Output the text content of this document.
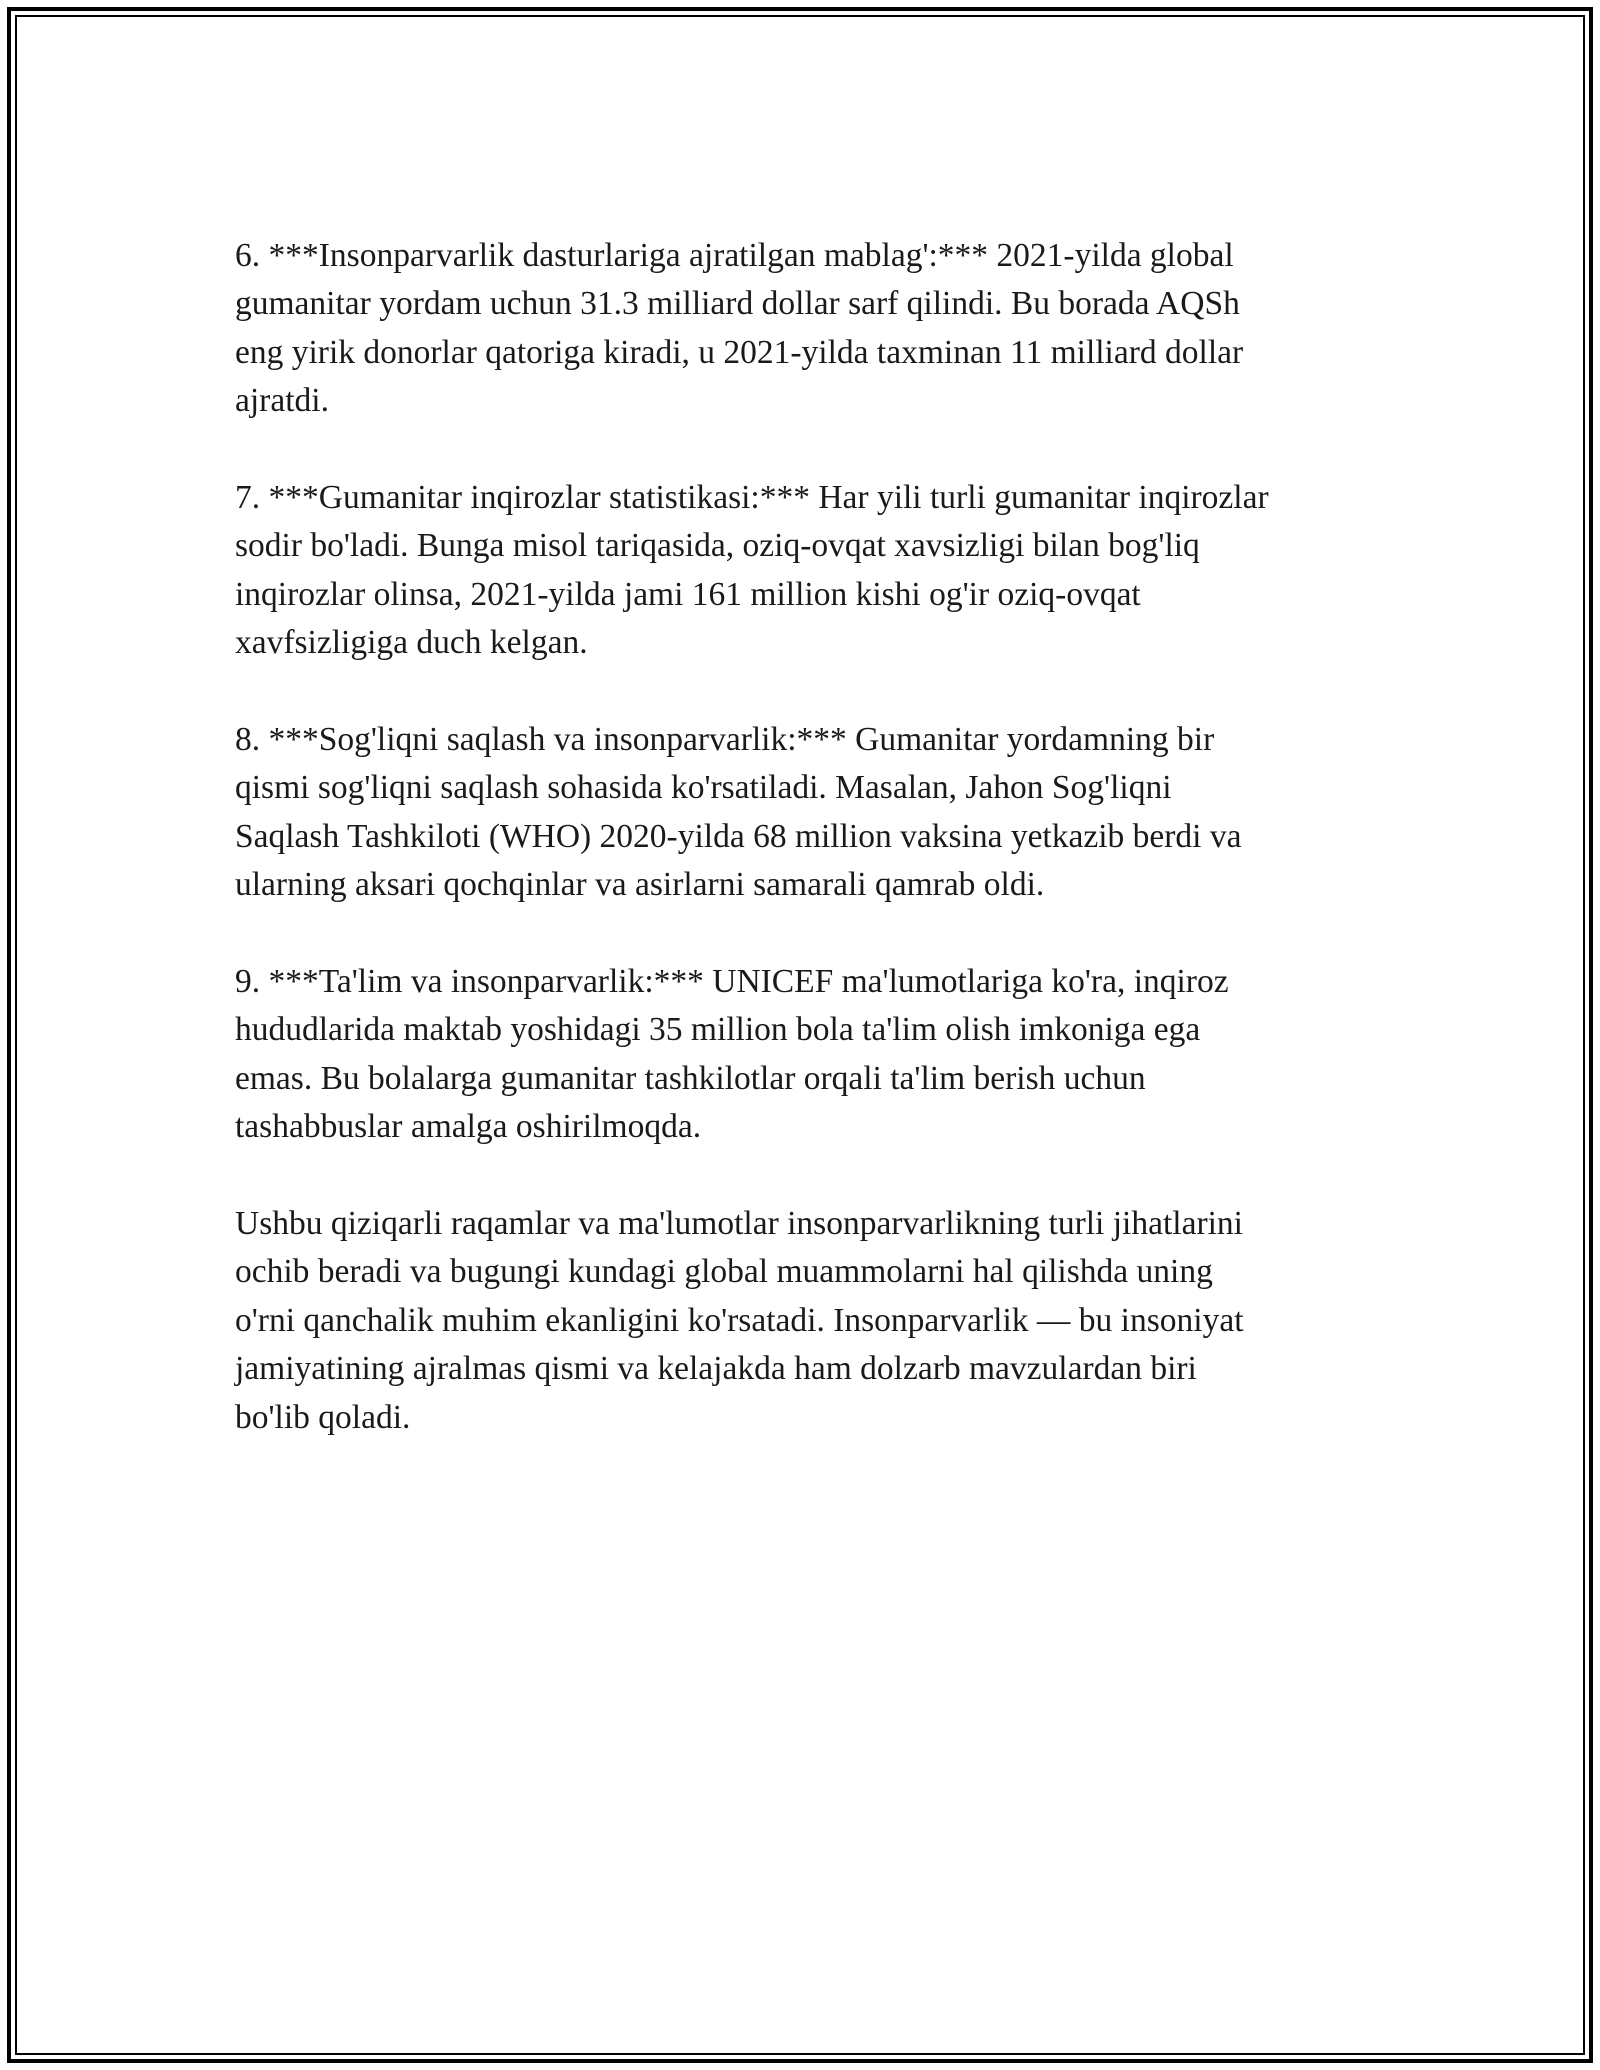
6. ***Insonparvarlik dasturlariga ajratilgan mablag':*** 2021-yilda global
gumanitar yordam uchun 31.3 milliard dollar sarf qilindi. Bu borada AQSh
eng yirik donorlar qatoriga kiradi, u 2021-yilda taxminan 11 milliard dollar
ajratdi.

7. ***Gumanitar inqirozlar statistikasi:*** Har yili turli gumanitar inqirozlar
sodir bo'ladi. Bunga misol tariqasida, oziq-ovqat xavsizligi bilan bog'liq
inqirozlar olinsa, 2021-yilda jami 161 million kishi og'ir oziq-ovqat
xavfsizligiga duch kelgan.

8. ***Sog'liqni saqlash va insonparvarlik:*** Gumanitar yordamning bir
qismi sog'liqni saqlash sohasida ko'rsatiladi. Masalan, Jahon Sog'liqni
Saqlash Tashkiloti (WHO) 2020-yilda 68 million vaksina yetkazib berdi va
ularning aksari qochqinlar va asirlarni samarali qamrab oldi.

9. ***Ta'lim va insonparvarlik:*** UNICEF ma'lumotlariga ko'ra, inqiroz
hududlarida maktab yoshidagi 35 million bola ta'lim olish imkoniga ega
emas. Bu bolalarga gumanitar tashkilotlar orqali ta'lim berish uchun
tashabbuslar amalga oshirilmoqda.

Ushbu qiziqarli raqamlar va ma'lumotlar insonparvarlikning turli jihatlarini
ochib beradi va bugungi kundagi global muammolarni hal qilishda uning
o'rni qanchalik muhim ekanligini ko'rsatadi. Insonparvarlik — bu insoniyat
jamiyatining ajralmas qismi va kelajakda ham dolzarb mavzulardan biri
bo'lib qoladi.
